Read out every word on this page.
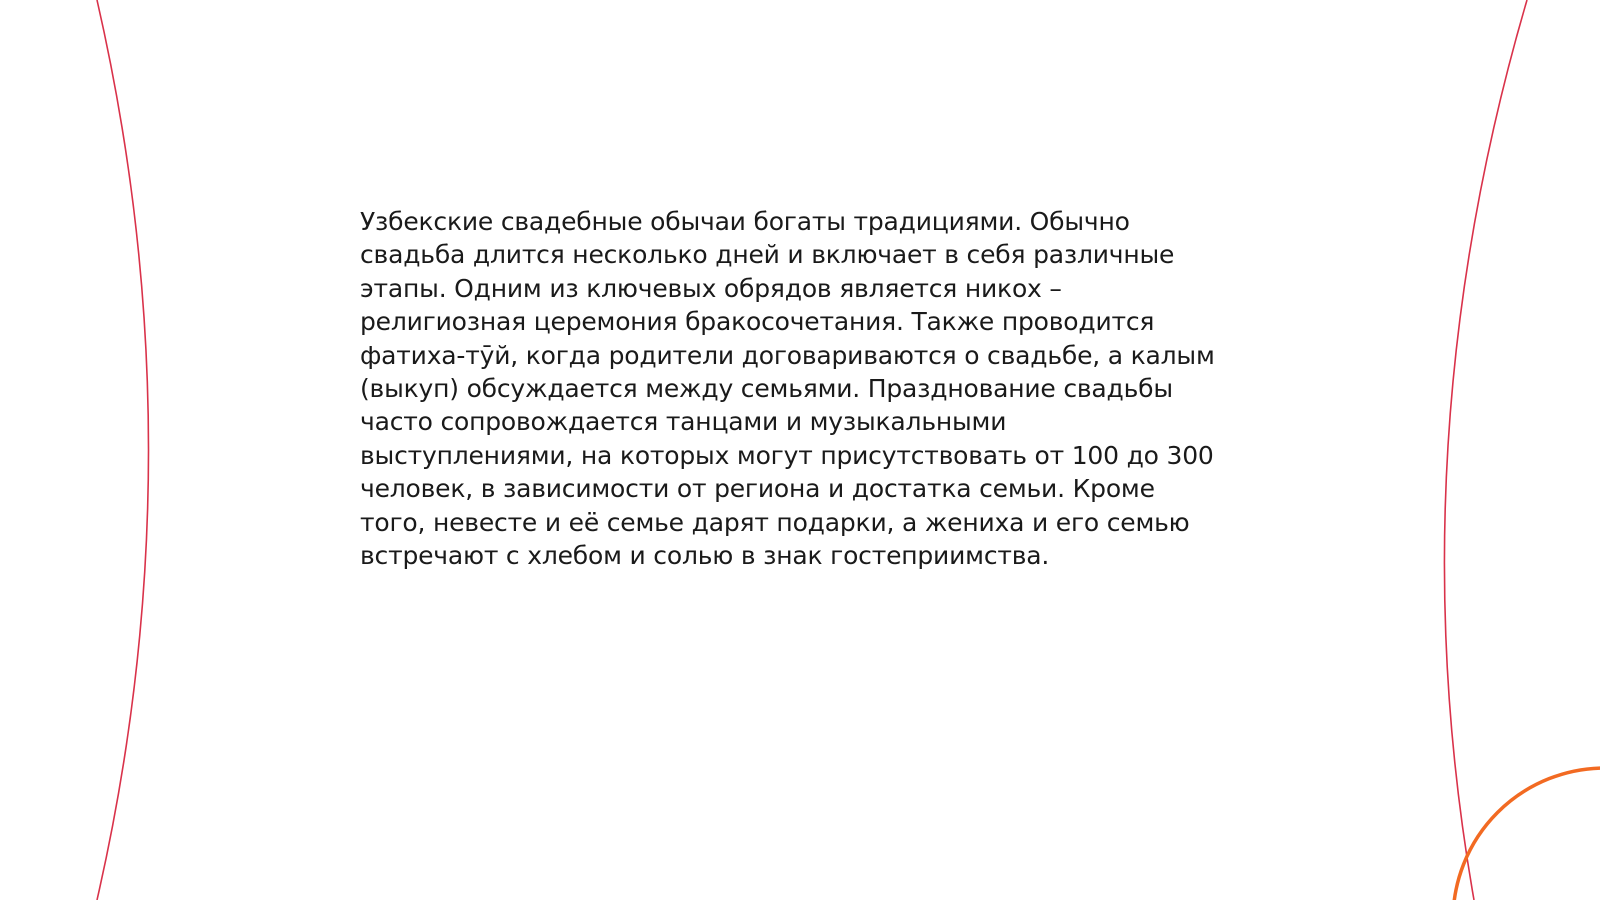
Узбекские свадебные обычаи богаты традициями. Обычно
свадьба длится несколько дней и включает в себя различные
этапы. Одним из ключевых обрядов является никох –
религиозная церемония бракосочетания. Также проводится
фатиха-тӯй, когда родители договариваются о свадьбе, а калым
(выкуп) обсуждается между семьями. Празднование свадьбы
часто сопровождается танцами и музыкальными
выступлениями, на которых могут присутствовать от 100 до 300
человек, в зависимости от региона и достатка семьи. Кроме
того, невесте и её семье дарят подарки, а жениха и его семью
встречают с хлебом и солью в знак гостеприимства.
